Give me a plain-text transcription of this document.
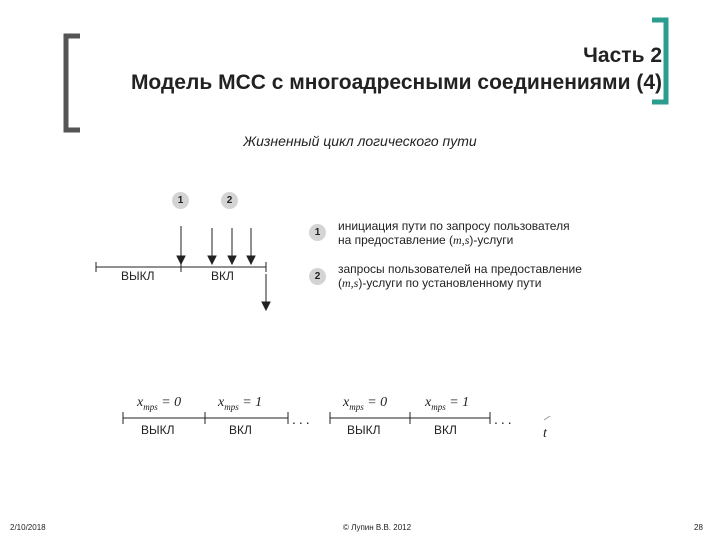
Часть 2
Модель МСС с многоадресными соединениями (4)
Жизненный цикл логического пути
1	2
ВЫКЛ	ВКЛ
1	инициация пути по запросу пользователя
на предоставление (m,s)-услуги
2
запросы пользователей на предоставление
(m,s)-услуги по установленному пути
$x_{mps} = 0$	$x_{mps} = 1$	$x_{mps} = 0$	$x_{mps} = 1$
ВЫКЛ	ВКЛ
...
ВЫКЛ	ВКЛ
...
t
2/10/2018	© Лупин В.В. 2012	28
